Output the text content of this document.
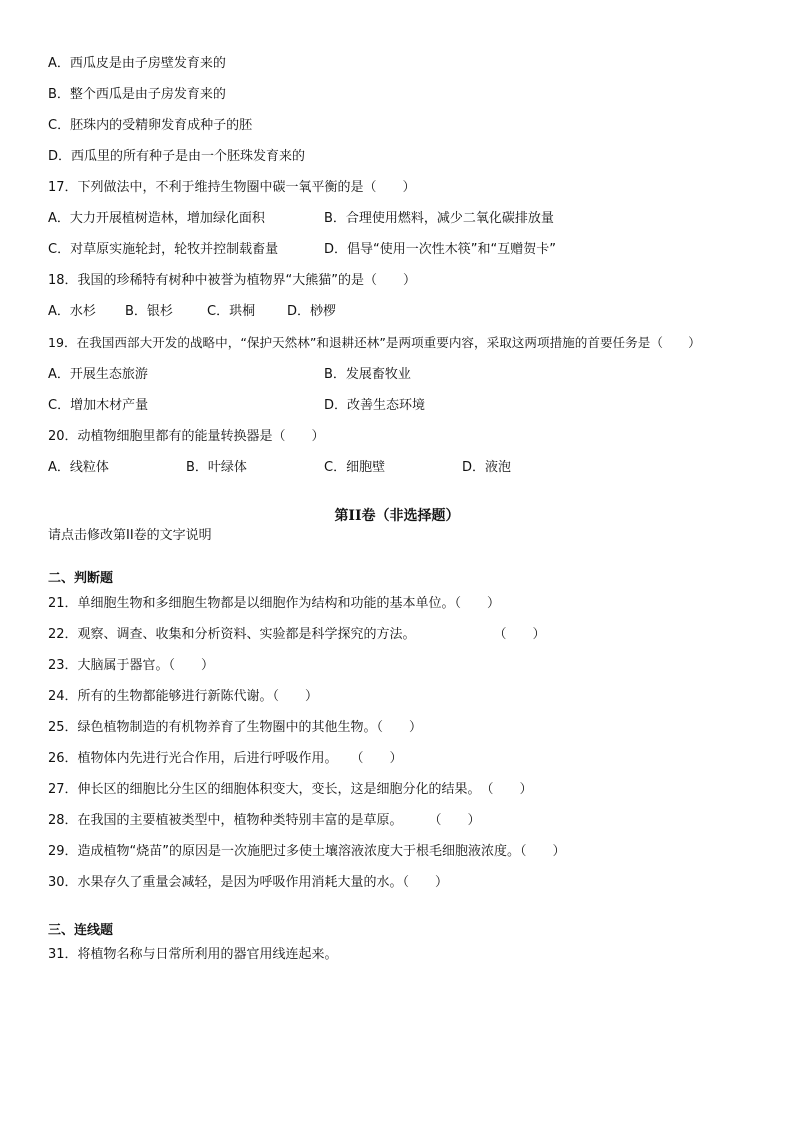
A．西瓜皮是由子房壁发育来的
B．整个西瓜是由子房发育来的
C．胚珠内的受精卵发育成种子的胚
D．西瓜里的所有种子是由一个胚珠发育来的
17．下列做法中，不利于维持生物圈中碳一氧平衡的是（　　）
A．大力开展植树造林，增加绿化面积	B．合理使用燃料，减少二氧化碳排放量
C．对草原实施轮封，轮牧并控制载畜量	D．倡导“使用一次性木筷”和“互赠贺卡”
18．我国的珍稀特有树种中被誉为植物界“大熊猫”的是（　　）
A．水杉 B．银杉	C．珙桐 D．桫椤
19．在我国西部大开发的战略中，“保护天然林”和退耕还林”是两项重要内容，采取这两项措施的首要任务是（　　）
A．开展生态旅游	B．发展畜牧业
C．增加木材产量	D．改善生态环境
20．动植物细胞里都有的能量转换器是（　　）
A．线粒体	B．叶绿体	C．细胞壁	D．液泡
第II卷（非选择题）
请点击修改第II卷的文字说明
二、判断题
21．单细胞生物和多细胞生物都是以细胞作为结构和功能的基本单位。（　　）
22．观察、调查、收集和分析资料、实验都是科学探究的方法。　　　　　　　（　　）
23．大脑属于器官。（　　）
24．所有的生物都能够进行新陈代谢。（　　）
25．绿色植物制造的有机物养育了生物圈中的其他生物。（　　）
26．植物体内先进行光合作用，后进行呼吸作用。　　（　　）
27．伸长区的细胞比分生区的细胞体积变大，变长，这是细胞分化的结果。　（　　）
28．在我国的主要植被类型中，植物种类特别丰富的是草原。　　　（　　）
29．造成植物“烧苗”的原因是一次施肥过多使土壤溶液浓度大于根毛细胞液浓度。（　　）
30．水果存久了重量会减轻，是因为呼吸作用消耗大量的水。（　　）
三、连线题
31．将植物名称与日常所利用的器官用线连起来。
